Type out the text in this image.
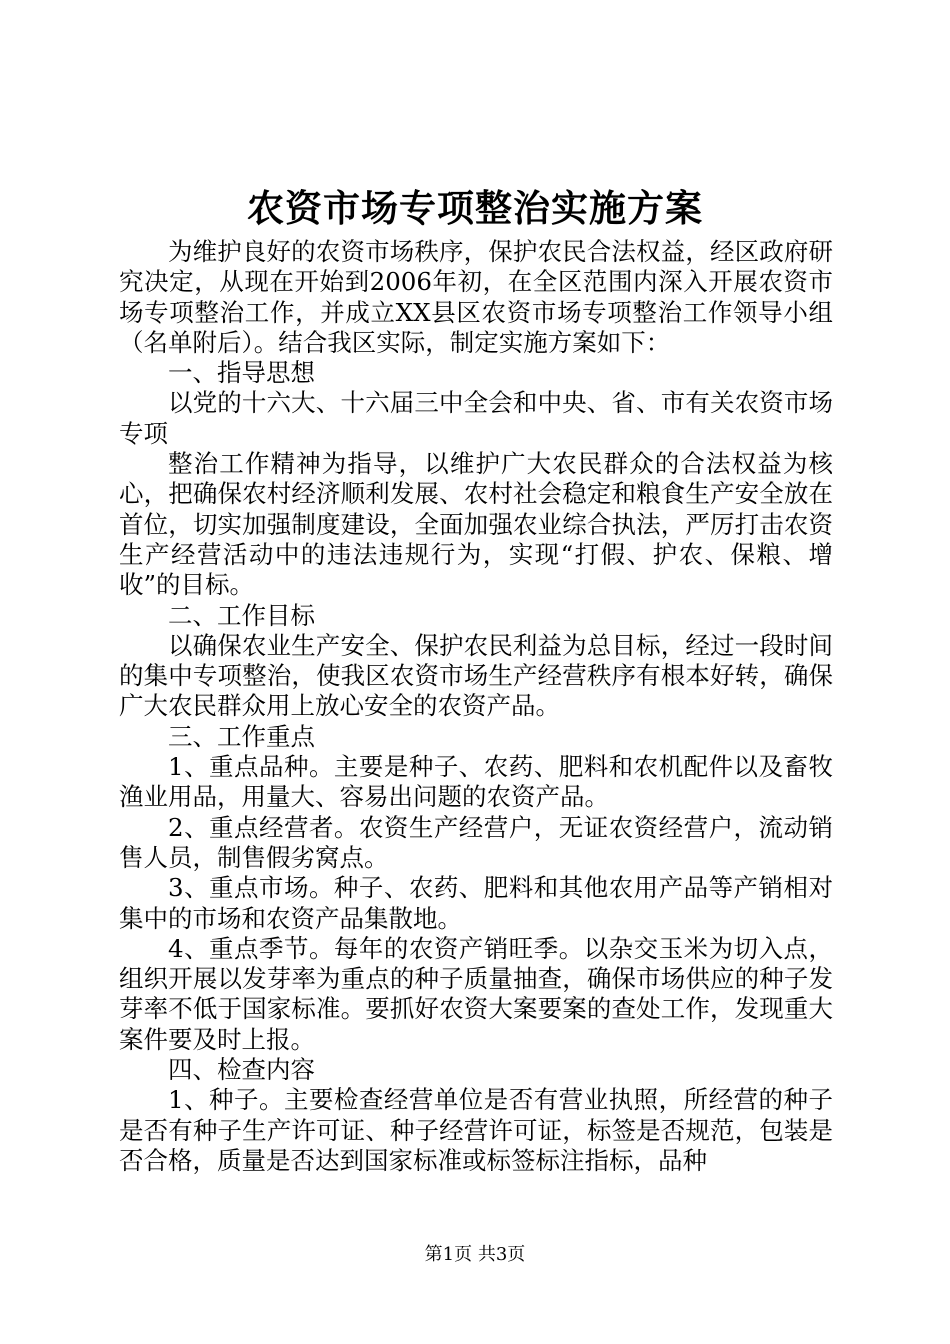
农资市场专项整治实施方案

为维护良好的农资市场秩序，保护农民合法权益，经区政府研究决定，从现在开始到2006年初，在全区范围内深入开展农资市场专项整治工作，并成立XX县区农资市场专项整治工作领导小组（名单附后）。结合我区实际，制定实施方案如下：

一、指导思想

以党的十六大、十六届三中全会和中央、省、市有关农资市场专项

整治工作精神为指导，以维护广大农民群众的合法权益为核心，把确保农村经济顺利发展、农村社会稳定和粮食生产安全放在首位，切实加强制度建设，全面加强农业综合执法，严厉打击农资生产经营活动中的违法违规行为，实现“打假、护农、保粮、增收”的目标。

二、工作目标

以确保农业生产安全、保护农民利益为总目标，经过一段时间的集中专项整治，使我区农资市场生产经营秩序有根本好转，确保广大农民群众用上放心安全的农资产品。

三、工作重点

1、重点品种。主要是种子、农药、肥料和农机配件以及畜牧渔业用品，用量大、容易出问题的农资产品。

2、重点经营者。农资生产经营户，无证农资经营户，流动销售人员，制售假劣窝点。

3、重点市场。种子、农药、肥料和其他农用产品等产销相对集中的市场和农资产品集散地。

4、重点季节。每年的农资产销旺季。以杂交玉米为切入点，组织开展以发芽率为重点的种子质量抽查，确保市场供应的种子发芽率不低于国家标准。要抓好农资大案要案的查处工作，发现重大案件要及时上报。

四、检查内容

1、种子。主要检查经营单位是否有营业执照，所经营的种子是否有种子生产许可证、种子经营许可证，标签是否规范，包装是否合格，质量是否达到国家标准或标签标注指标，品种

第1页 共3页
